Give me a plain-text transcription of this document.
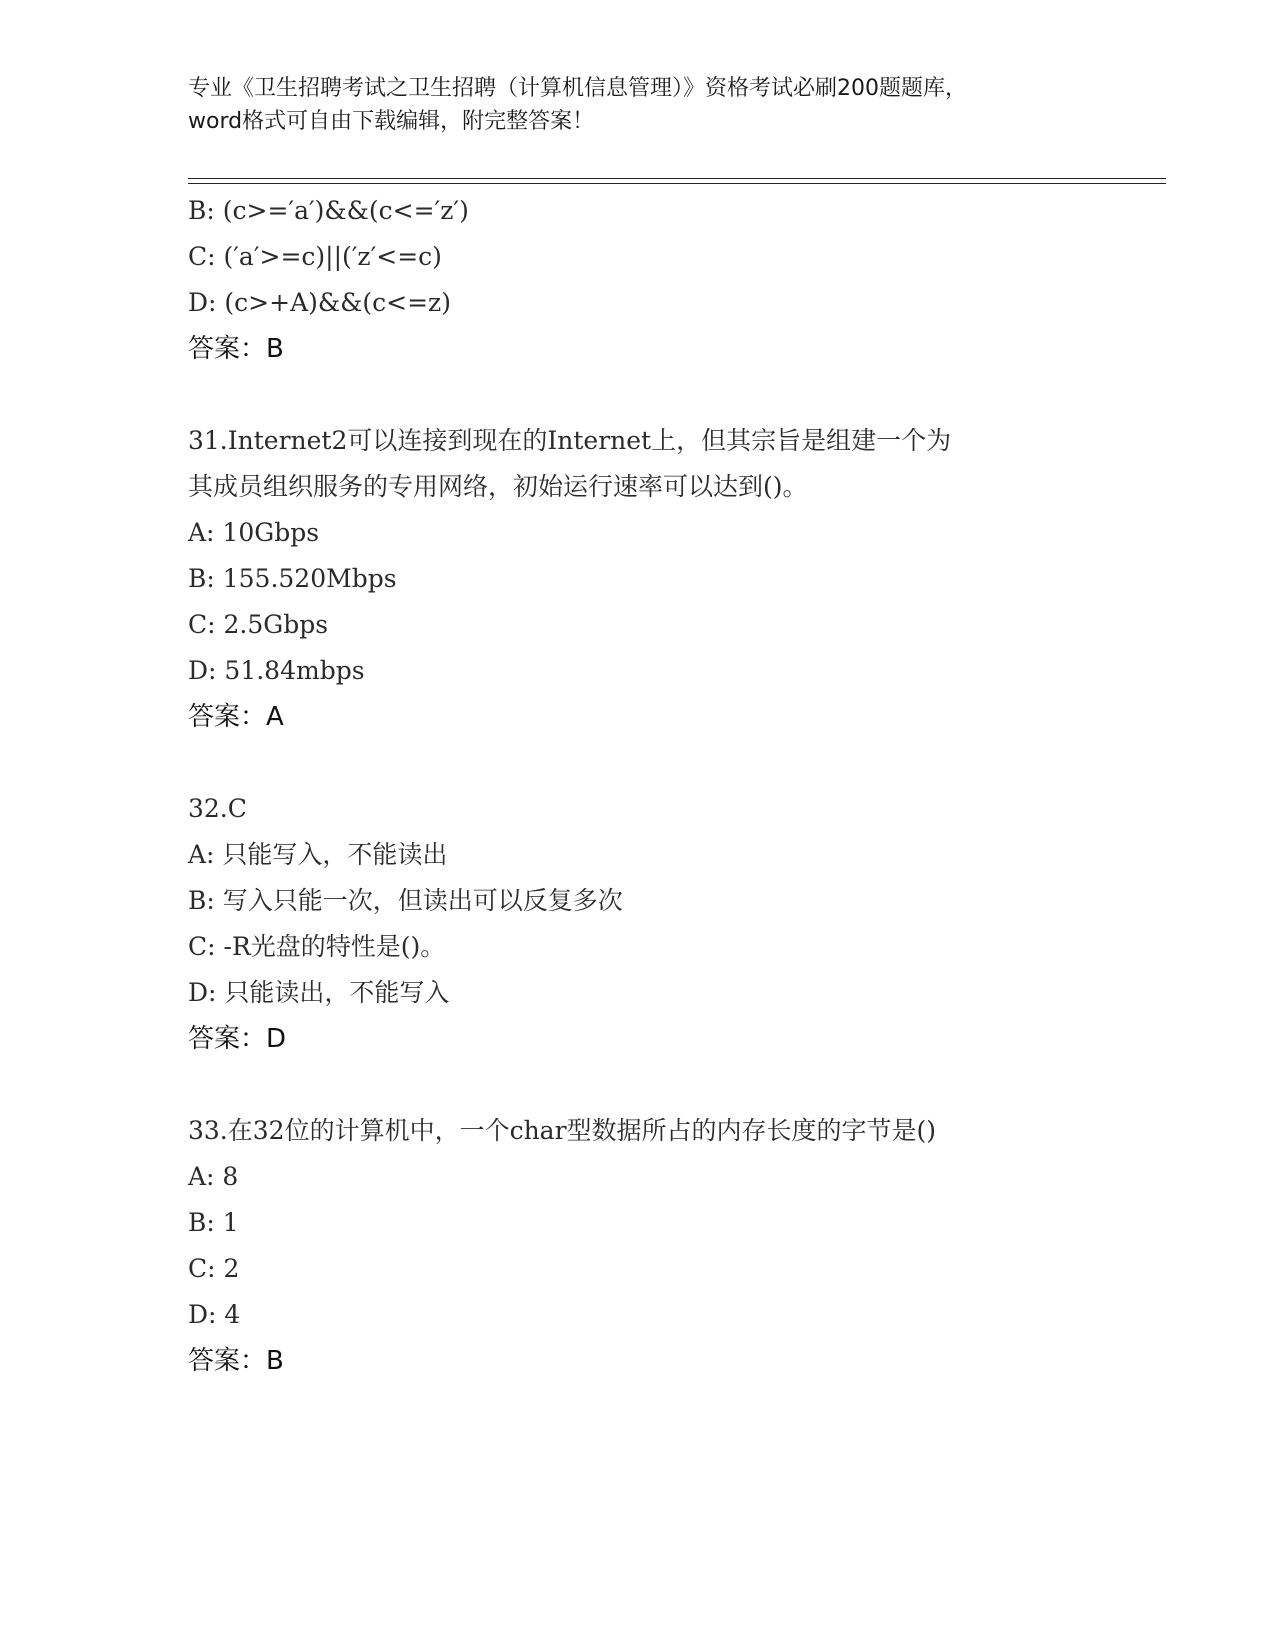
专业《卫生招聘考试之卫生招聘（计算机信息管理）》资格考试必刷200题题库，
word格式可自由下载编辑，附完整答案！
B: (c>=′a′)&&(c<=′z′)
C: (′a′>=c)||(′z′<=c)
D: (c>+A)&&(c<=z)
答案：B
31.Internet2可以连接到现在的Internet上，但其宗旨是组建一个为
其成员组织服务的专用网络，初始运行速率可以达到()。
A: 10Gbps
B: 155.520Mbps
C: 2.5Gbps
D: 51.84mbps
答案：A
32.C
A: 只能写入，不能读出
B: 写入只能一次，但读出可以反复多次
C: -R光盘的特性是()。
D: 只能读出，不能写入
答案：D
33.在32位的计算机中，一个char型数据所占的内存长度的字节是()
A: 8
B: 1
C: 2
D: 4
答案：B
